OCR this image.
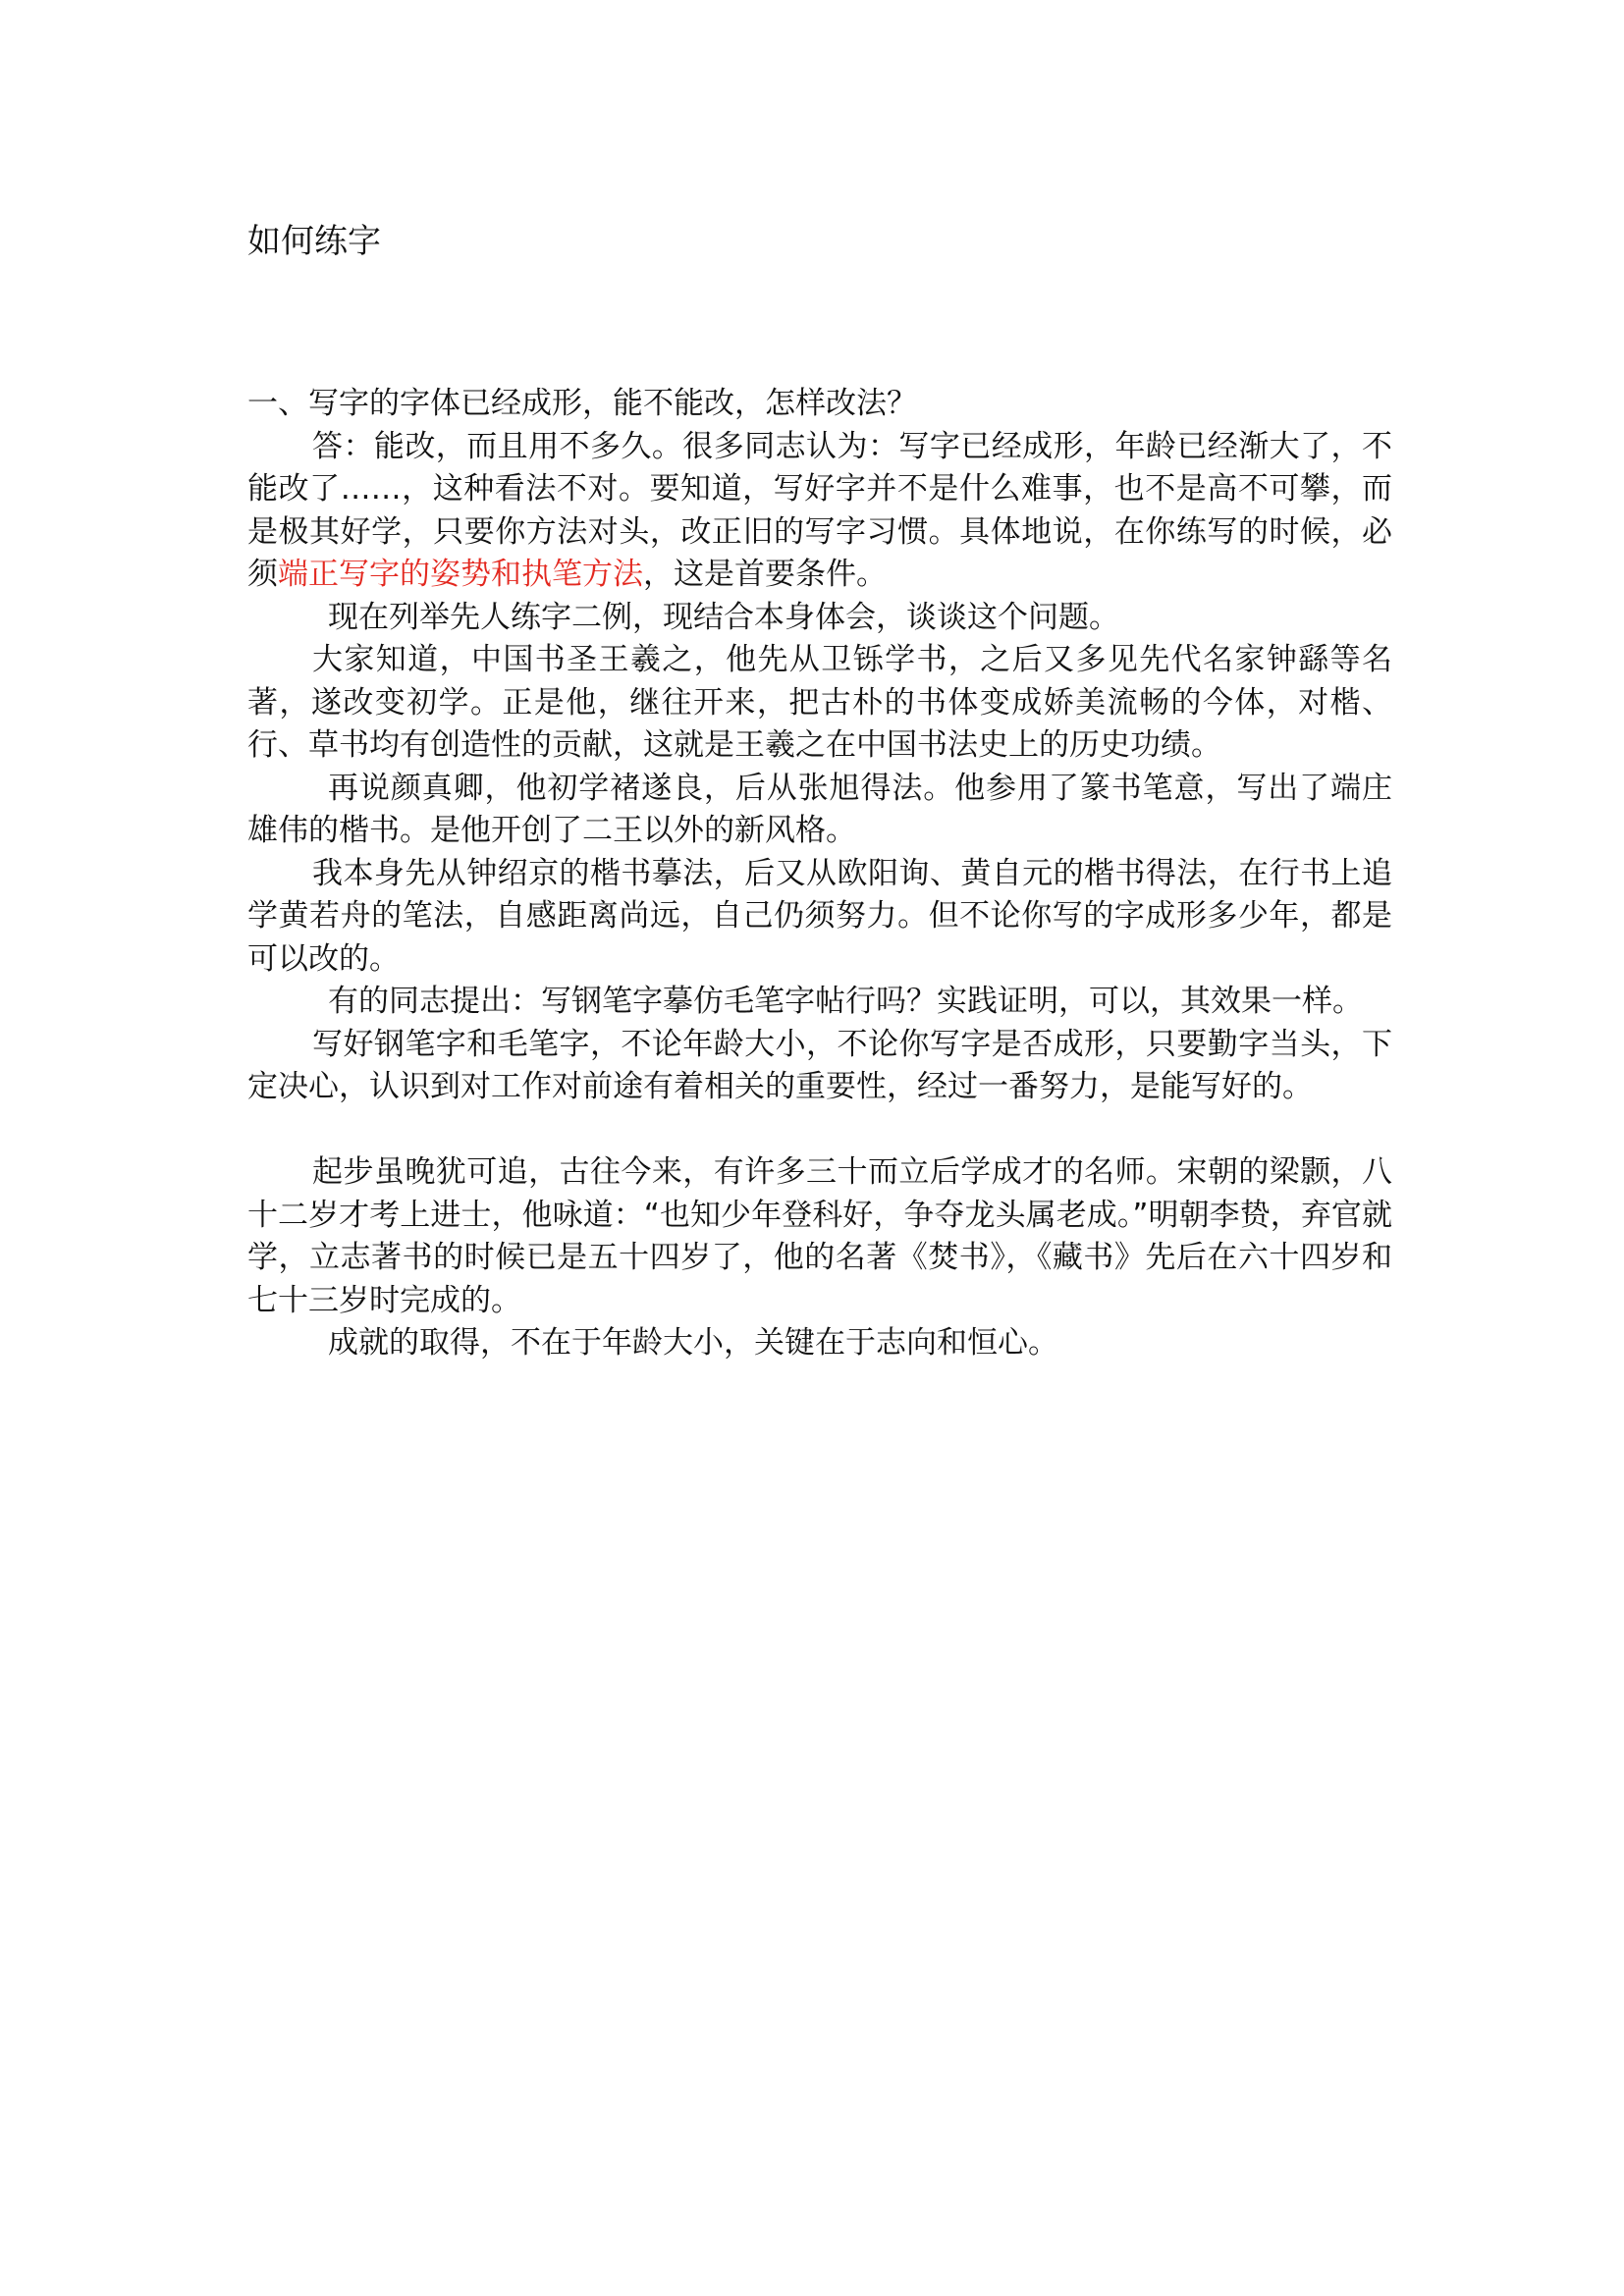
如何练字
一、写字的字体已经成形，能不能改，怎样改法？

答：能改，而且用不多久。很多同志认为：写字已经成形，年龄已经渐大了，不能改了……，这种看法不对。要知道，写好字并不是什么难事，也不是高不可攀，而是极其好学，只要你方法对头，改正旧的写字习惯。具体地说，在你练写的时候，必须端正写字的姿势和执笔方法，这是首要条件。

现在列举先人练字二例，现结合本身体会，谈谈这个问题。

大家知道，中国书圣王羲之，他先从卫铄学书，之后又多见先代名家钟繇等名著，遂改变初学。正是他，继往开来，把古朴的书体变成娇美流畅的今体，对楷、行、草书均有创造性的贡献，这就是王羲之在中国书法史上的历史功绩。

再说颜真卿，他初学褚遂良，后从张旭得法。他参用了篆书笔意，写出了端庄雄伟的楷书。是他开创了二王以外的新风格。

我本身先从钟绍京的楷书摹法，后又从欧阳询、黄自元的楷书得法，在行书上追学黄若舟的笔法，自感距离尚远，自己仍须努力。但不论你写的字成形多少年，都是可以改的。

有的同志提出：写钢笔字摹仿毛笔字帖行吗？实践证明，可以，其效果一样。

写好钢笔字和毛笔字，不论年龄大小，不论你写字是否成形，只要勤字当头，下定决心，认识到对工作对前途有着相关的重要性，经过一番努力，是能写好的。

起步虽晚犹可追，古往今来，有许多三十而立后学成才的名师。宋朝的梁颢，八十二岁才考上进士，他咏道：“也知少年登科好，争夺龙头属老成。”明朝李贽，弃官就学，立志著书的时候已是五十四岁了，他的名著《焚书》，《藏书》先后在六十四岁和七十三岁时完成的。

成就的取得，不在于年龄大小，关键在于志向和恒心。
